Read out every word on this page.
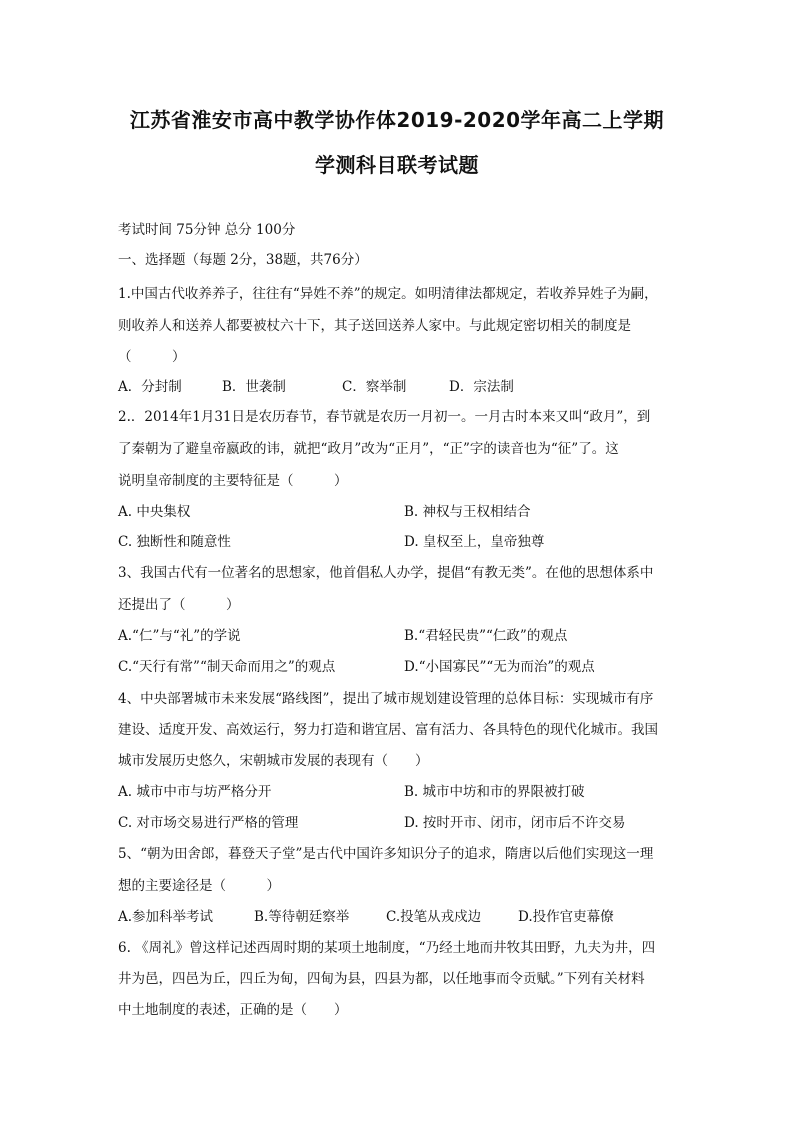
江苏省淮安市高中教学协作体2019-2020学年高二上学期
学测科目联考试题
考试时间 75分钟 总分 100分
一、选择题（每题 2分，38题，共76分）
1.中国古代收养养子，往往有“异姓不养”的规定。如明清律法都规定，若收养异姓子为嗣，
则收养人和送养人都要被杖六十下，其子送回送养人家中。与此规定密切相关的制度是
（　　　）
A．分封制	B．世袭制	C．察举制	D．宗法制
2.．2014年1月31日是农历春节，春节就是农历一月初一。一月古时本来又叫“政月”，到
了秦朝为了避皇帝嬴政的讳，就把“政月”改为“正月”，“正”字的读音也为“征”了。这
说明皇帝制度的主要特征是（　　　）
A. 中央集权	B. 神权与王权相结合
C. 独断性和随意性	D. 皇权至上，皇帝独尊
3、我国古代有一位著名的思想家，他首倡私人办学，提倡“有教无类”。在他的思想体系中
还提出了（　　　）
A.“仁”与“礼”的学说	B.“君轻民贵”“仁政”的观点
C.“天行有常”“制天命而用之”的观点	D.“小国寡民”“无为而治”的观点
4、中央部署城市未来发展“路线图”，提出了城市规划建设管理的总体目标：实现城市有序
建设、适度开发、高效运行，努力打造和谐宜居、富有活力、各具特色的现代化城市。我国
城市发展历史悠久，宋朝城市发展的表现有（　　）
A. 城市中市与坊严格分开	B. 城市中坊和市的界限被打破
C. 对市场交易进行严格的管理	D. 按时开市、闭市，闭市后不许交易
5、“朝为田舍郎，暮登天子堂”是古代中国许多知识分子的追求，隋唐以后他们实现这一理
想的主要途径是（　　　）
A.参加科举考试	B.等待朝廷察举	C.投笔从戎戍边	D.投作官吏幕僚
6. 《周礼》曾这样记述西周时期的某项土地制度，“乃经土地而井牧其田野，九夫为井，四
井为邑，四邑为丘，四丘为甸，四甸为县，四县为都，以任地事而令贡赋。”下列有关材料
中土地制度的表述，正确的是（　　）
